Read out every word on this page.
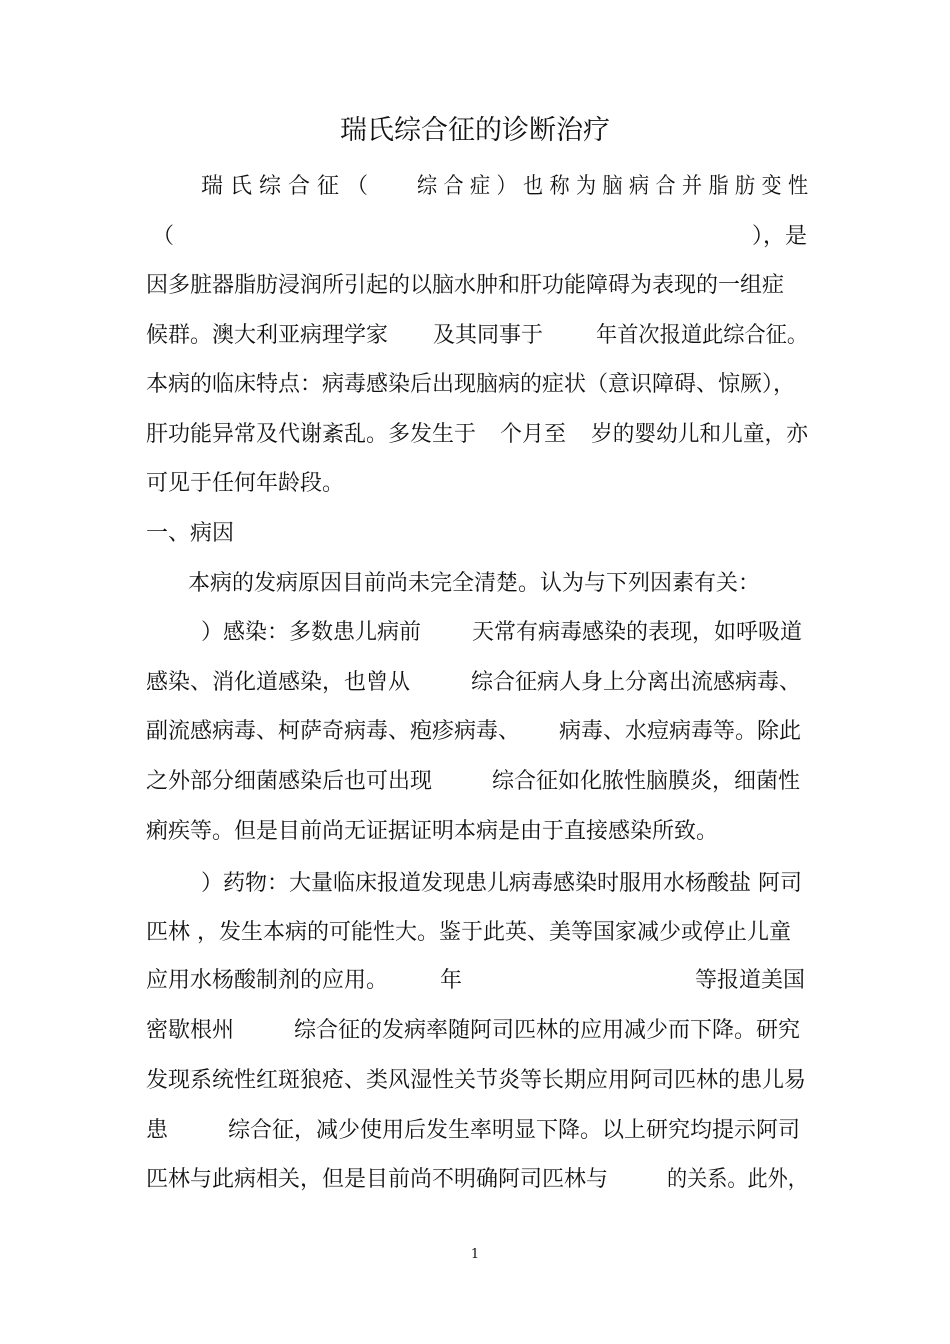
瑞氏综合征的诊断治疗
瑞 氏 综 合 征 （ 综 合 症 ） 也 称 为 脑 病 合 并 脂 肪 变 性
（	），是
因多脏器脂肪浸润所引起的以脑水肿和肝功能障碍为表现的一组症
候群。澳大利亚病理学家 及其同事于 年首次报道此综合征。
本病的临床特点：病毒感染后出现脑病的症状（意识障碍、惊厥），
肝功能异常及代谢紊乱。多发生于 个月至 岁的婴幼儿和儿童，亦
可见于任何年龄段。
一、病因
本病的发病原因目前尚未完全清楚。认为与下列因素有关：
）感染：多数患儿病前 天常有病毒感染的表现，如呼吸道
感染、消化道感染，也曾从	综合征病人身上分离出流感病毒、
副流感病毒、柯萨奇病毒、疱疹病毒、 病毒、水痘病毒等。除此
之外部分细菌感染后也可出现	综合征如化脓性脑膜炎，细菌性
痢疾等。但是目前尚无证据证明本病是由于直接感染所致。
）药物：大量临床报道发现患儿病毒感染时服用水杨酸盐 阿司
匹林 ，发生本病的可能性大。鉴于此英、美等国家减少或停止儿童
应用水杨酸制剂的应用。 年	等报道美国
密歇根州	综合征的发病率随阿司匹林的应用减少而下降。研究
发现系统性红斑狼疮、类风湿性关节炎等长期应用阿司匹林的患儿易
患	综合征，减少使用后发生率明显下降。以上研究均提示阿司
匹林与此病相关，但是目前尚不明确阿司匹林与	的关系。此外，
1
